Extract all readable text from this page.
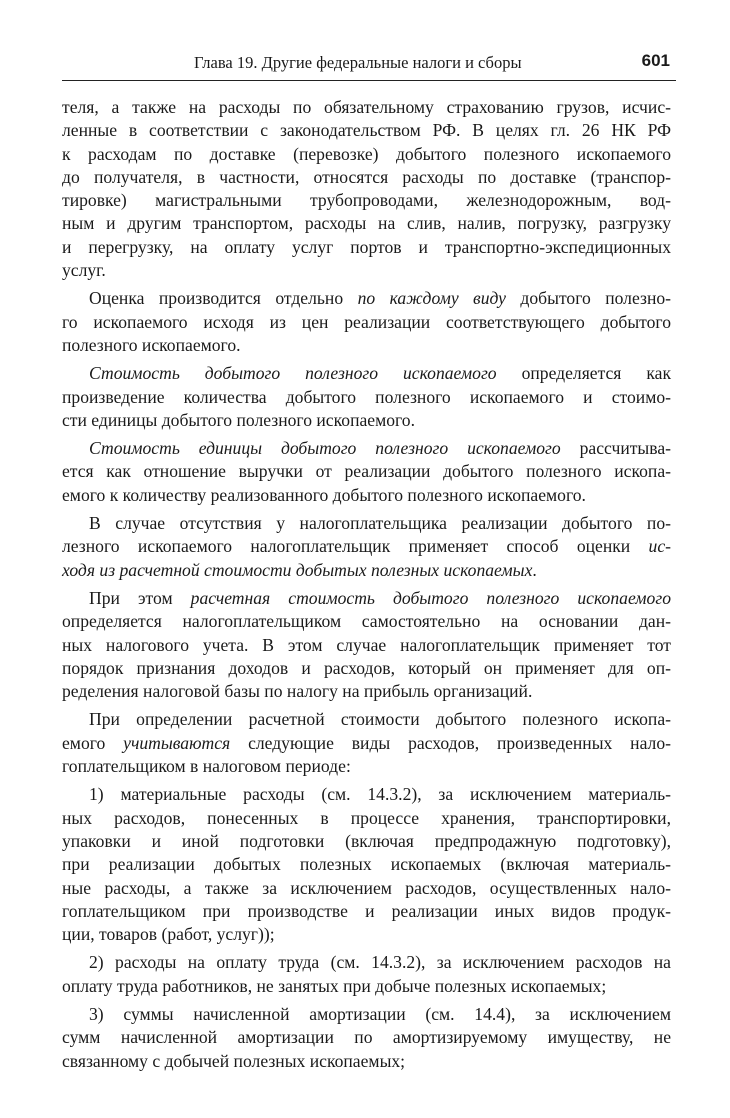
Глава 19. Другие федеральные налоги и сборы	601
теля, а также на расходы по обязательному страхованию грузов, исчис-
ленные в соответствии с законодательством РФ. В целях гл. 26 НК РФ
к расходам по доставке (перевозке) добытого полезного ископаемого
до получателя, в частности, относятся расходы по доставке (транспор-
тировке) магистральными трубопроводами, железнодорожным, вод-
ным и другим транспортом, расходы на слив, налив, погрузку, разгрузку
и перегрузку, на оплату услуг портов и транспортно-экспедиционных
услуг.
Оценка производится отдельно по каждому виду добытого полезно-
го ископаемого исходя из цен реализации соответствующего добытого
полезного ископаемого.
Стоимость добытого полезного ископаемого определяется как
произведение количества добытого полезного ископаемого и стоимо-
сти единицы добытого полезного ископаемого.
Стоимость единицы добытого полезного ископаемого рассчитыва-
ется как отношение выручки от реализации добытого полезного ископа-
емого к количеству реализованного добытого полезного ископаемого.
В случае отсутствия у налогоплательщика реализации добытого по-
лезного ископаемого налогоплательщик применяет способ оценки ис-
ходя из расчетной стоимости добытых полезных ископаемых.
При этом расчетная стоимость добытого полезного ископаемого
определяется налогоплательщиком самостоятельно на основании дан-
ных налогового учета. В этом случае налогоплательщик применяет тот
порядок признания доходов и расходов, который он применяет для оп-
ределения налоговой базы по налогу на прибыль организаций.
При определении расчетной стоимости добытого полезного ископа-
емого учитываются следующие виды расходов, произведенных нало-
гоплательщиком в налоговом периоде:
1) материальные расходы (см. 14.3.2), за исключением материаль-
ных расходов, понесенных в процессе хранения, транспортировки,
упаковки и иной подготовки (включая предпродажную подготовку),
при реализации добытых полезных ископаемых (включая материаль-
ные расходы, а также за исключением расходов, осуществленных нало-
гоплательщиком при производстве и реализации иных видов продук-
ции, товаров (работ, услуг));
2) расходы на оплату труда (см. 14.3.2), за исключением расходов на
оплату труда работников, не занятых при добыче полезных ископаемых;
3) суммы начисленной амортизации (см. 14.4), за исключением
сумм начисленной амортизации по амортизируемому имуществу, не
связанному с добычей полезных ископаемых;
